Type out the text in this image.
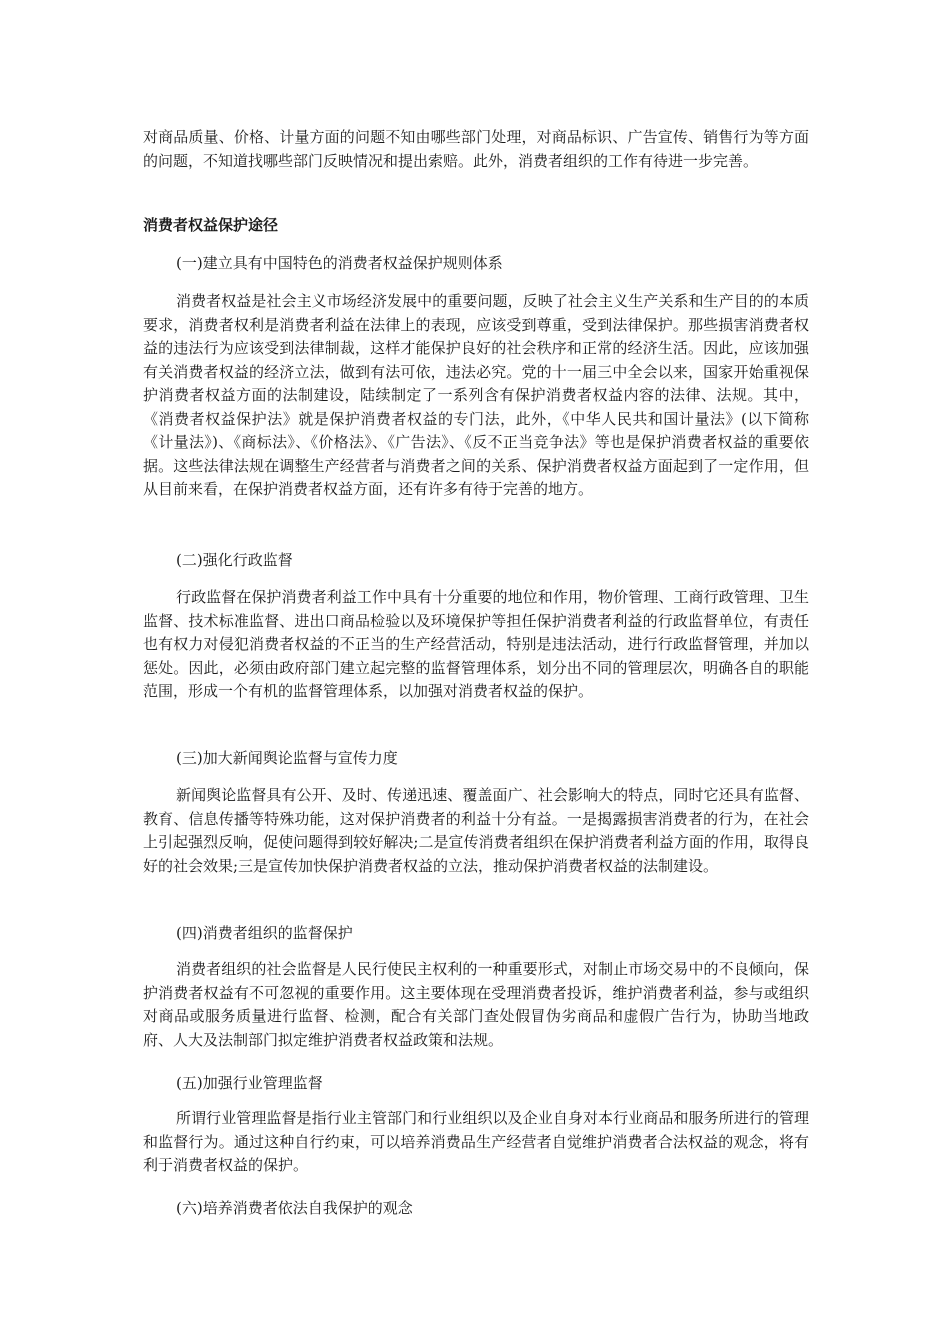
对商品质量、价格、计量方面的问题不知由哪些部门处理，对商品标识、广告宣传、销售行为等方面的问题，不知道找哪些部门反映情况和提出索赔。此外，消费者组织的工作有待进一步完善。

消费者权益保护途径

(一)建立具有中国特色的消费者权益保护规则体系

消费者权益是社会主义市场经济发展中的重要问题，反映了社会主义生产关系和生产目的的本质要求，消费者权利是消费者利益在法律上的表现，应该受到尊重，受到法律保护。那些损害消费者权益的违法行为应该受到法律制裁，这样才能保护良好的社会秩序和正常的经济生活。因此，应该加强有关消费者权益的经济立法，做到有法可依，违法必究。党的十一届三中全会以来，国家开始重视保护消费者权益方面的法制建设，陆续制定了一系列含有保护消费者权益内容的法律、法规。其中，《消费者权益保护法》就是保护消费者权益的专门法，此外，《中华人民共和国计量法》(以下简称《计量法》)、《商标法》、《价格法》、《广告法》、《反不正当竞争法》等也是保护消费者权益的重要依据。这些法律法规在调整生产经营者与消费者之间的关系、保护消费者权益方面起到了一定作用，但从目前来看，在保护消费者权益方面，还有许多有待于完善的地方。

(二)强化行政监督

行政监督在保护消费者利益工作中具有十分重要的地位和作用，物价管理、工商行政管理、卫生监督、技术标准监督、进出口商品检验以及环境保护等担任保护消费者利益的行政监督单位，有责任也有权力对侵犯消费者权益的不正当的生产经营活动，特别是违法活动，进行行政监督管理，并加以惩处。因此，必须由政府部门建立起完整的监督管理体系，划分出不同的管理层次，明确各自的职能范围，形成一个有机的监督管理体系，以加强对消费者权益的保护。

(三)加大新闻舆论监督与宣传力度

新闻舆论监督具有公开、及时、传递迅速、覆盖面广、社会影响大的特点，同时它还具有监督、教育、信息传播等特殊功能，这对保护消费者的利益十分有益。一是揭露损害消费者的行为，在社会上引起强烈反响，促使问题得到较好解决;二是宣传消费者组织在保护消费者利益方面的作用，取得良好的社会效果;三是宣传加快保护消费者权益的立法，推动保护消费者权益的法制建设。

(四)消费者组织的监督保护

消费者组织的社会监督是人民行使民主权利的一种重要形式，对制止市场交易中的不良倾向，保护消费者权益有不可忽视的重要作用。这主要体现在受理消费者投诉，维护消费者利益，参与或组织对商品或服务质量进行监督、检测，配合有关部门查处假冒伪劣商品和虚假广告行为，协助当地政府、人大及法制部门拟定维护消费者权益政策和法规。

(五)加强行业管理监督

所谓行业管理监督是指行业主管部门和行业组织以及企业自身对本行业商品和服务所进行的管理和监督行为。通过这种自行约束，可以培养消费品生产经营者自觉维护消费者合法权益的观念，将有利于消费者权益的保护。

(六)培养消费者依法自我保护的观念
